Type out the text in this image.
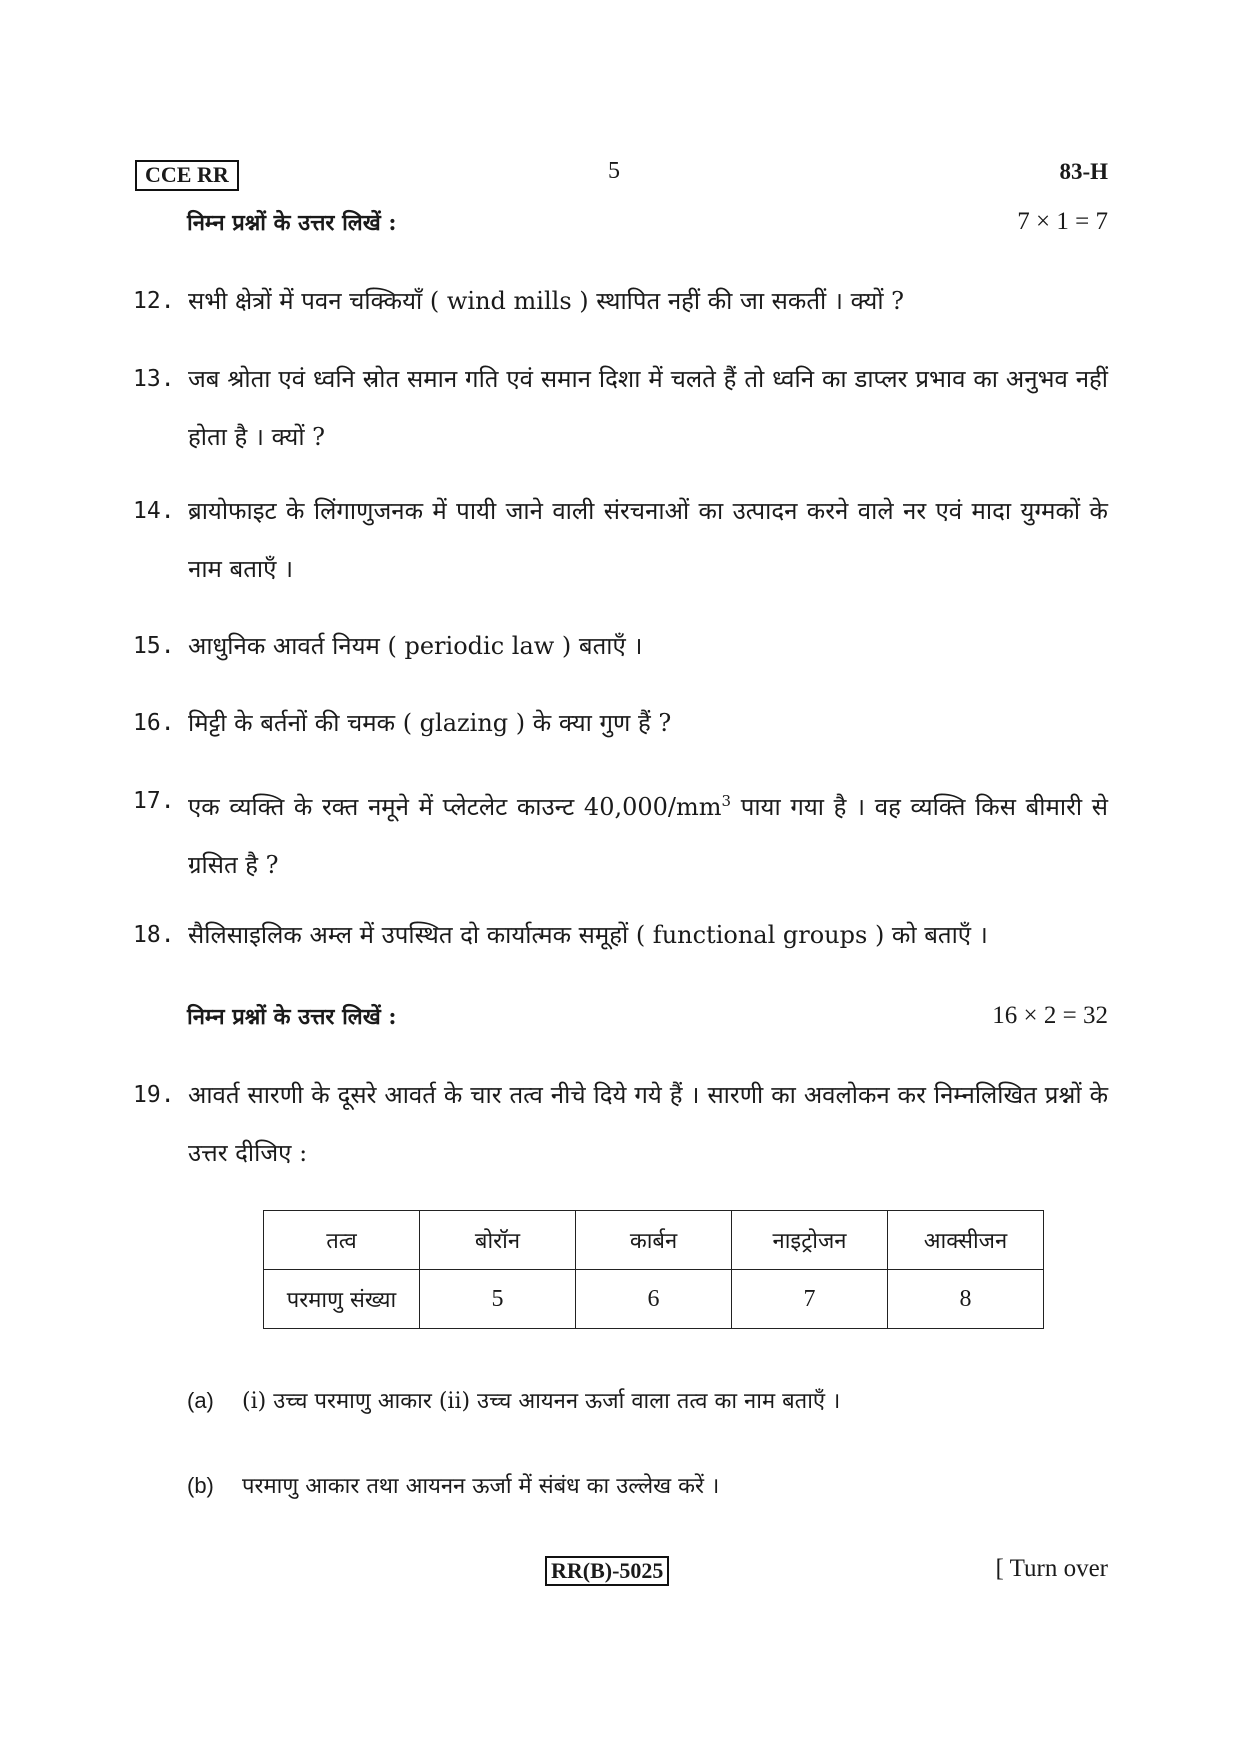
CCE RR	5	83-H
निम्न प्रश्नों के उत्तर लिखें :	7 × 1 = 7
12. सभी क्षेत्रों में पवन चक्कियाँ ( wind mills ) स्थापित नहीं की जा सकतीं । क्यों ?
13. जब श्रोता एवं ध्वनि स्रोत समान गति एवं समान दिशा में चलते हैं तो ध्वनि का डाप्लर प्रभाव का अनुभव नहीं होता है । क्यों ?
14. ब्रायोफाइट के लिंगाणुजनक में पायी जाने वाली संरचनाओं का उत्पादन करने वाले नर एवं मादा युग्मकों के नाम बताएँ ।
15. आधुनिक आवर्त नियम ( periodic law ) बताएँ ।
16. मिट्टी के बर्तनों की चमक ( glazing ) के क्या गुण हैं ?
17. एक व्यक्ति के रक्त नमूने में प्लेटलेट काउन्ट $40,000/mm^3$ पाया गया है । वह व्यक्ति किस बीमारी से ग्रसित है ?
18. सैलिसाइलिक अम्ल में उपस्थित दो कार्यात्मक समूहों ( functional groups ) को बताएँ ।
निम्न प्रश्नों के उत्तर लिखें :	16 × 2 = 32
19. आवर्त सारणी के दूसरे आवर्त के चार तत्व नीचे दिये गये हैं । सारणी का अवलोकन कर निम्नलिखित प्रश्नों के उत्तर दीजिए :
तत्व	बोरॉन	कार्बन	नाइट्रोजन	आक्सीजन
परमाणु संख्या	5	6	7	8
(a) (i) उच्च परमाणु आकार (ii) उच्च आयनन ऊर्जा वाला तत्व का नाम बताएँ ।
(b) परमाणु आकार तथा आयनन ऊर्जा में संबंध का उल्लेख करें ।
RR(B)-5025	[ Turn over
